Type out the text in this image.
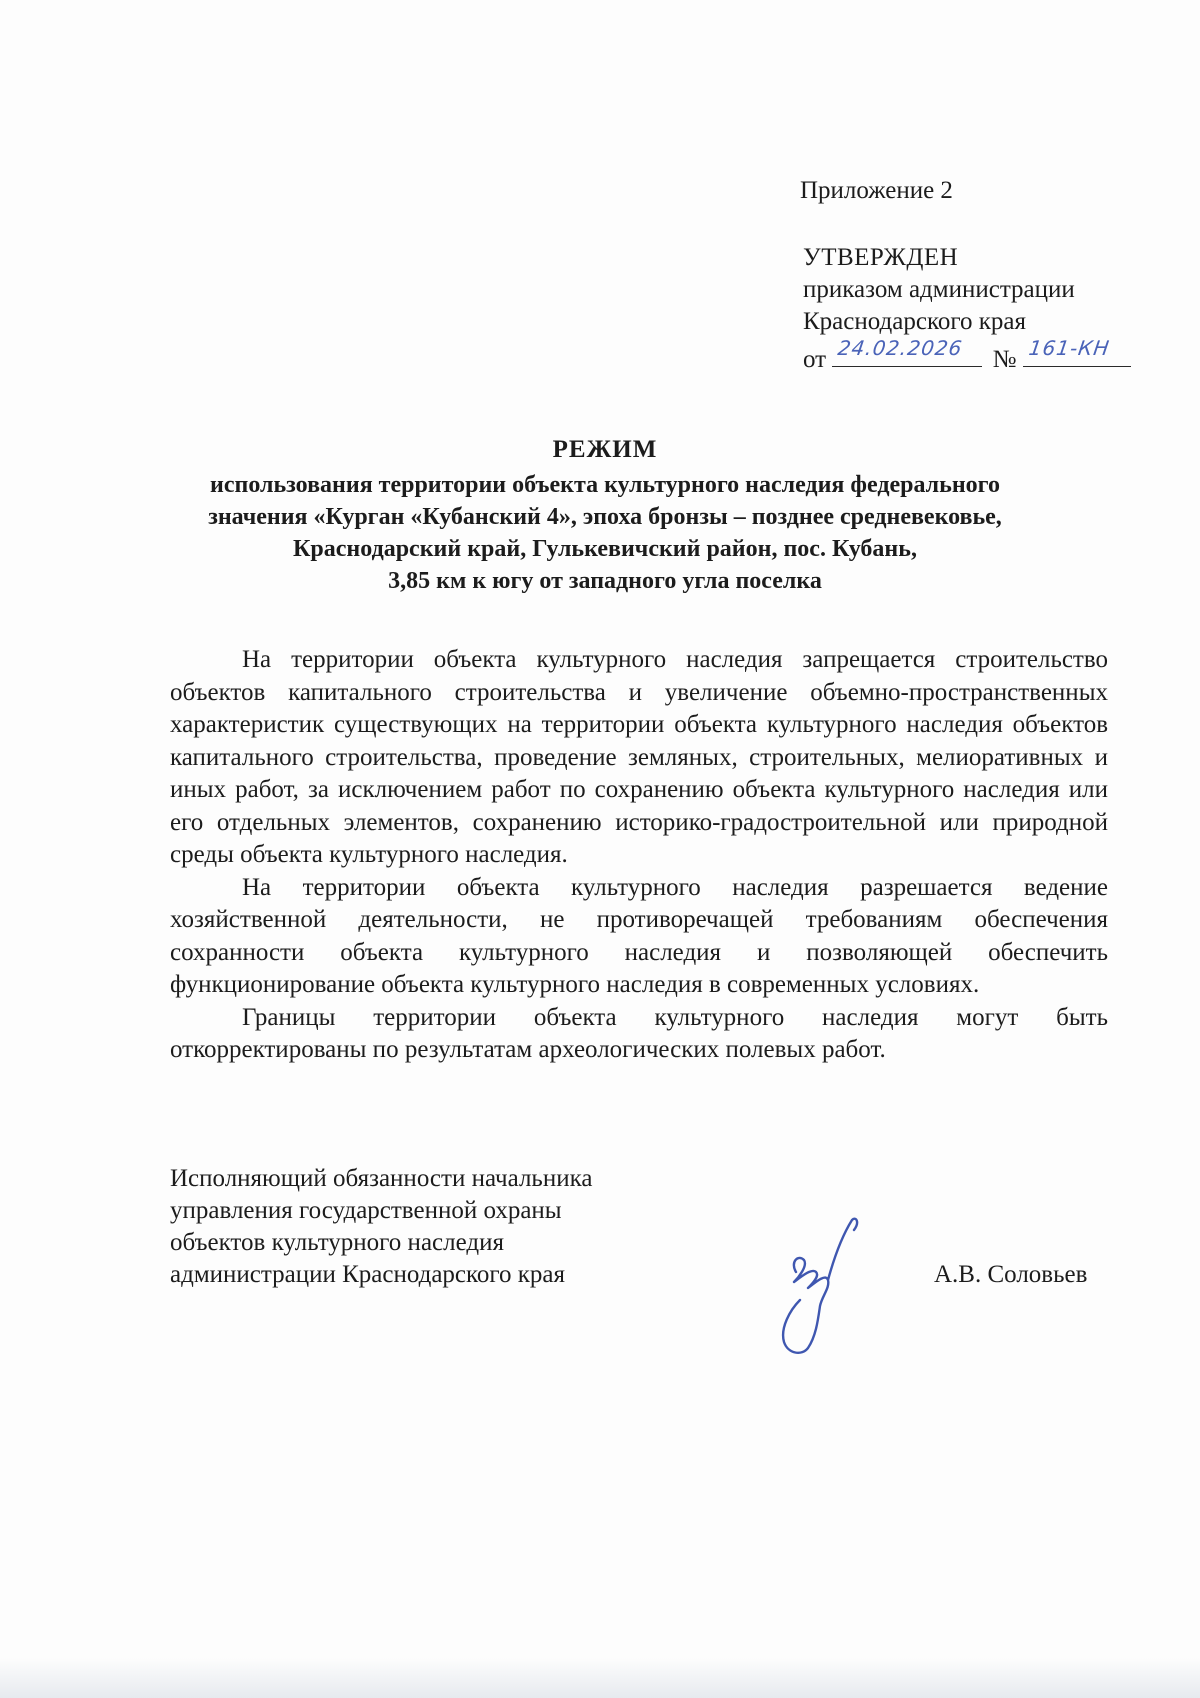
Приложение 2
УТВЕРЖДЕН
приказом администрации
Краснодарского края
от 24.02.2026 № 161-КН
РЕЖИМ
использования территории объекта культурного наследия федерального
значения «Курган «Кубанский 4», эпоха бронзы – позднее средневековье,
Краснодарский край, Гулькевичский район, пос. Кубань,
3,85 км к югу от западного угла поселка

На территории объекта культурного наследия запрещается строительство объектов капитального строительства и увеличение объемно-пространственных характеристик существующих на территории объекта культурного наследия объектов капитального строительства, проведение земляных, строительных, мелиоративных и иных работ, за исключением работ по сохранению объекта культурного наследия или его отдельных элементов, сохранению историко-градостроительной или природной среды объекта культурного наследия.

На территории объекта культурного наследия разрешается ведение хозяйственной деятельности, не противоречащей требованиям обеспечения сохранности объекта культурного наследия и позволяющей обеспечить функционирование объекта культурного наследия в современных условиях.

Границы территории объекта культурного наследия могут быть откорректированы по результатам археологических полевых работ.

Исполняющий обязанности начальника
управления государственной охраны
объектов культурного наследия
администрации Краснодарского края	А.В. Соловьев
